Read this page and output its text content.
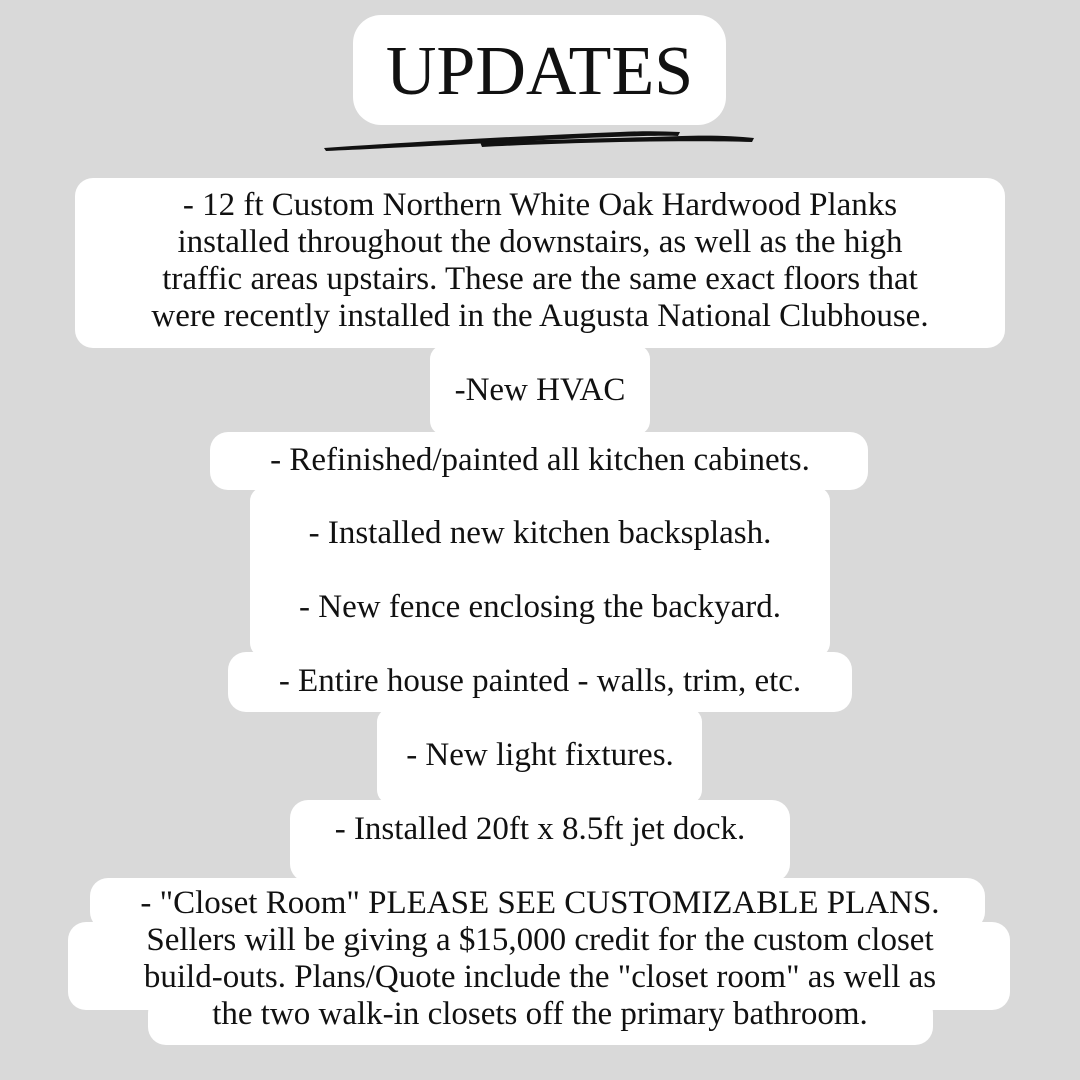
UPDATES
- 12 ft Custom Northern White Oak Hardwood Planks
installed throughout the downstairs, as well as the high
traffic areas upstairs. These are the same exact floors that
were recently installed in the Augusta National Clubhouse.
-New HVAC
- Refinished/painted all kitchen cabinets.
- Installed new kitchen backsplash.
- New fence enclosing the backyard.
- Entire house painted - walls, trim, etc.
- New light fixtures.
- Installed 20ft x 8.5ft jet dock.
- "Closet Room" PLEASE SEE CUSTOMIZABLE PLANS.
Sellers will be giving a $15,000 credit for the custom closet
build-outs. Plans/Quote include the "closet room" as well as
the two walk-in closets off the primary bathroom.
